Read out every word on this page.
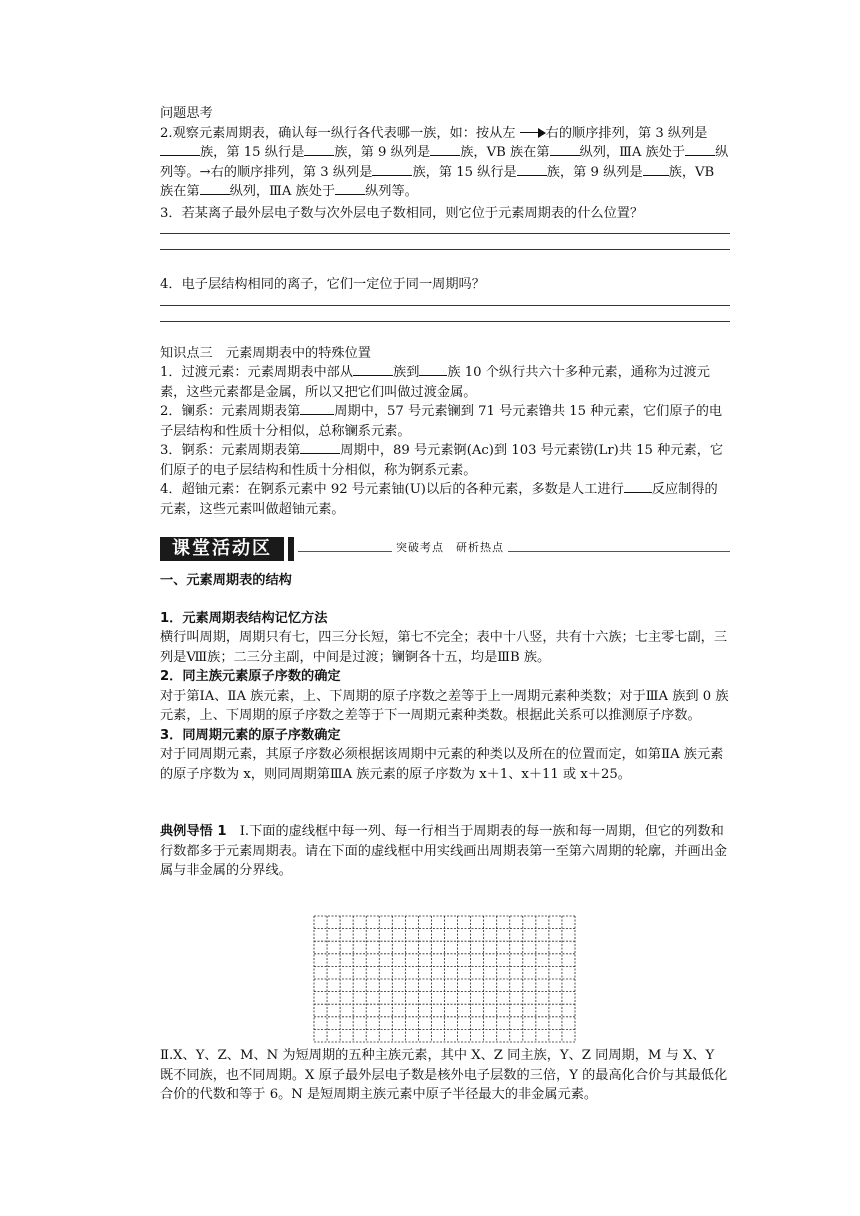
问题思考

2.观察元素周期表，确认每一纵行各代表哪一族，如：按从左 右的顺序排列，第 3 纵列是族，第 15 纵行是 族，第 9 纵列是 族，ⅤB 族在第 纵列，ⅢA 族处于 纵列等。→右的顺序排列，第 3 纵列是	族，第 15 纵行是 族，第 9 纵列是 族，ⅤB 族在第 纵列，ⅢA 族处于 纵列等。

3．若某离子最外层电子数与次外层电子数相同，则它位于元素周期表的什么位置？

4．电子层结构相同的离子，它们一定位于同一周期吗？

知识点三　元素周期表中的特殊位置

1．过渡元素：元素周期表中部从	族到 族 10 个纵行共六十多种元素，通称为过渡元素，这些元素都是金属，所以又把它们叫做过渡金属。

2．镧系：元素周期表第	周期中，57 号元素镧到 71 号元素镥共 15 种元素，它们原子的电子层结构和性质十分相似，总称镧系元素。

3．锕系：元素周期表第	周期中，89 号元素锕(Ac)到 103 号元素铹(Lr)共 15 种元素，它们原子的电子层结构和性质十分相似，称为锕系元素。

4．超铀元素：在锕系元素中 92 号元素铀(U)以后的各种元素，多数是人工进行 反应制得的元素，这些元素叫做超铀元素。

课堂活动区	突破考点　研析热点

一、元素周期表的结构

1．元素周期表结构记忆方法

横行叫周期，周期只有七，四三分长短，第七不完全；表中十八竖，共有十六族；七主零七副，三列是Ⅷ族；二三分主副，中间是过渡；镧锕各十五，均是ⅢB 族。

2．同主族元素原子序数的确定

对于第ⅠA、ⅡA 族元素，上、下周期的原子序数之差等于上一周期元素种类数；对于ⅢA 族到 0 族元素，上、下周期的原子序数之差等于下一周期元素种类数。根据此关系可以推测原子序数。

3．同周期元素的原子序数确定

对于同周期元素，其原子序数必须根据该周期中元素的种类以及所在的位置而定，如第ⅡA 族元素的原子序数为 x，则同周期第ⅢA 族元素的原子序数为 x＋1、x＋11 或 x＋25。

典例导悟 1　 Ⅰ.下面的虚线框中每一列、每一行相当于周期表的每一族和每一周期，但它的列数和行数都多于元素周期表。请在下面的虚线框中用实线画出周期表第一至第六周期的轮廓，并画出金属与非金属的分界线。

Ⅱ.X、Y、Z、M、N 为短周期的五种主族元素，其中 X、Z 同主族，Y、Z 同周期，M 与 X、Y 既不同族，也不同周期。X 原子最外层电子数是核外电子层数的三倍，Y 的最高化合价与其最低化合价的代数和等于 6。N 是短周期主族元素中原子半径最大的非金属元素。
